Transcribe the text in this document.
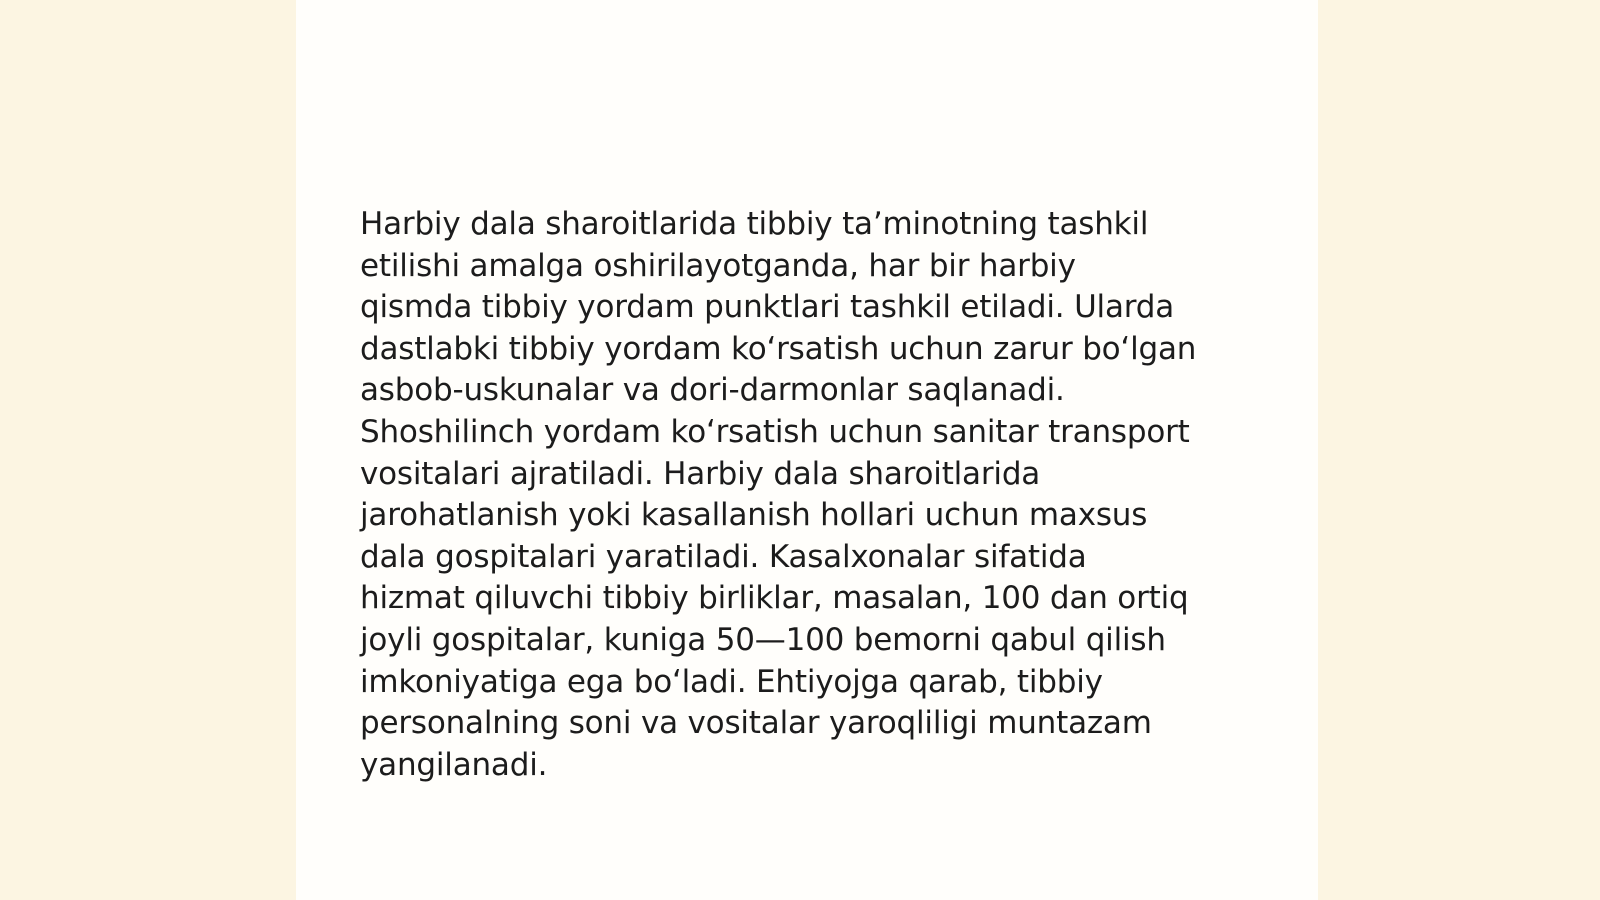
Harbiy dala sharoitlarida tibbiy ta’minotning tashkil
etilishi amalga oshirilayotganda, har bir harbiy
qismda tibbiy yordam punktlari tashkil etiladi. Ularda
dastlabki tibbiy yordam koʻrsatish uchun zarur boʻlgan
asbob-uskunalar va dori-darmonlar saqlanadi.
Shoshilinch yordam koʻrsatish uchun sanitar transport
vositalari ajratiladi. Harbiy dala sharoitlarida
jarohatlanish yoki kasallanish hollari uchun maxsus
dala gospitalari yaratiladi. Kasalxonalar sifatida
hizmat qiluvchi tibbiy birliklar, masalan, 100 dan ortiq
joyli gospitalar, kuniga 50—100 bemorni qabul qilish
imkoniyatiga ega boʻladi. Ehtiyojga qarab, tibbiy
personalning soni va vositalar yaroqliligi muntazam
yangilanadi.
